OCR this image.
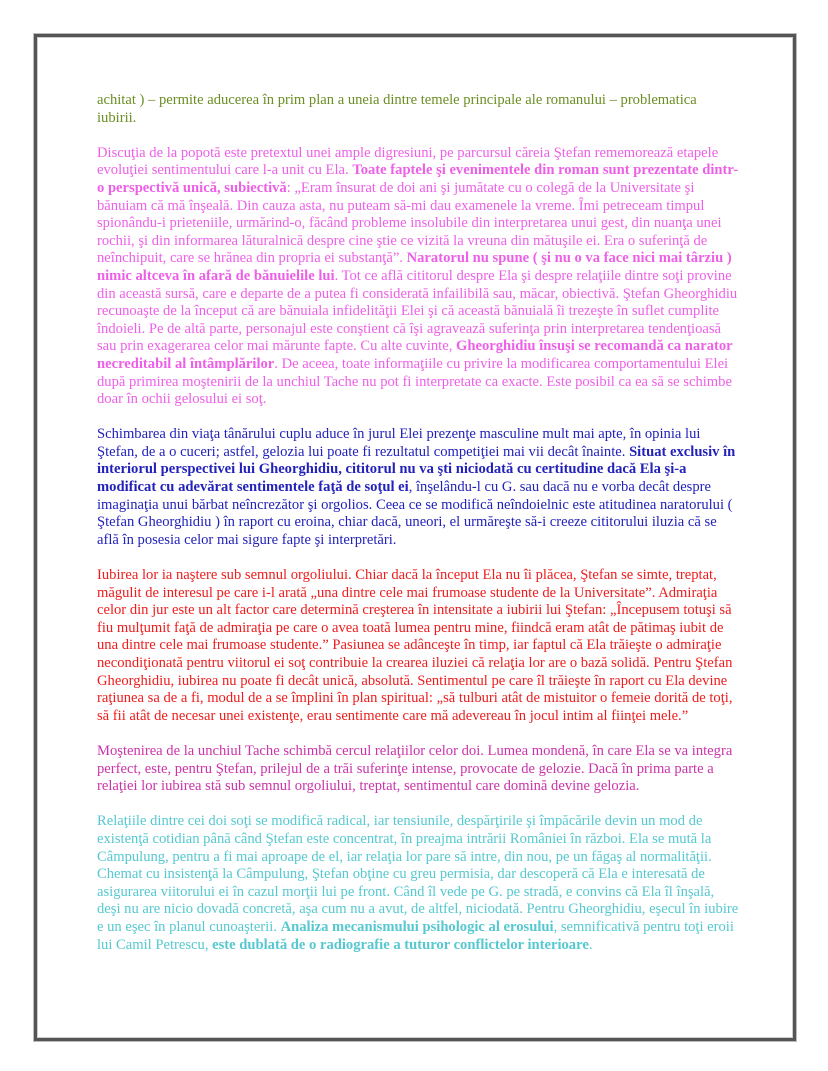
achitat ) – permite aducerea în prim plan a uneia dintre temele principale ale romanului – problematica iubirii.

Discuţia de la popotă este pretextul unei ample digresiuni, pe parcursul căreia Ştefan rememorează etapele evoluţiei sentimentului care l-a unit cu Ela. Toate faptele şi evenimentele din roman sunt prezentate dintr-o perspectivă unică, subiectivă: „Eram însurat de doi ani şi jumătate cu o colegă de la Universitate şi bănuiam că mă înşeală. Din cauza asta, nu puteam să-mi dau examenele la vreme. Îmi petreceam timpul spionându-i prieteniile, urmărind-o, făcând probleme insolubile din interpretarea unui gest, din nuanţa unei rochii, şi din informarea lăturalnică despre cine ştie ce vizită la vreuna din mătuşile ei. Era o suferinţă de neînchipuit, care se hrănea din propria ei substanţă”. Naratorul nu spune ( şi nu o va face nici mai târziu ) nimic altceva în afară de bănuielile lui. Tot ce află cititorul despre Ela şi despre relaţiile dintre soţi provine din această sursă, care e departe de a putea fi considerată infailibilă sau, măcar, obiectivă. Ştefan Gheorghidiu recunoaşte de la început că are bănuiala infidelităţii Elei şi că această bănuială îi trezeşte în suflet cumplite îndoieli. Pe de altă parte, personajul este conştient că îşi agravează suferinţa prin interpretarea tendenţioasă sau prin exagerarea celor mai mărunte fapte. Cu alte cuvinte, Gheorghidiu însuşi se recomandă ca narator necreditabil al întâmplărilor. De aceea, toate informaţiile cu privire la modificarea comportamentului Elei după primirea moştenirii de la unchiul Tache nu pot fi interpretate ca exacte. Este posibil ca ea să se schimbe doar în ochii gelosului ei soţ.

Schimbarea din viaţa tânărului cuplu aduce în jurul Elei prezenţe masculine mult mai apte, în opinia lui Ştefan, de a o cuceri; astfel, gelozia lui poate fi rezultatul competiţiei mai vii decât înainte. Situat exclusiv în interiorul perspectivei lui Gheorghidiu, cititorul nu va şti niciodată cu certitudine dacă Ela şi-a modificat cu adevărat sentimentele faţă de soţul ei, înşelându-l cu G. sau dacă nu e vorba decât despre imaginaţia unui bărbat neîncrezător şi orgolios. Ceea ce se modifică neîndoielnic este atitudinea naratorului ( Ştefan Gheorghidiu ) în raport cu eroina, chiar dacă, uneori, el urmăreşte să-i creeze cititorului iluzia că se află în posesia celor mai sigure fapte şi interpretări.

Iubirea lor ia naştere sub semnul orgoliului. Chiar dacă la început Ela nu îi plăcea, Ştefan se simte, treptat, măgulit de interesul pe care i-l arată „una dintre cele mai frumoase studente de la Universitate”. Admiraţia celor din jur este un alt factor care determină creşterea în intensitate a iubirii lui Ştefan: „Începusem totuşi să fiu mulţumit faţă de admiraţia pe care o avea toată lumea pentru mine, fiindcă eram atât de pătimaş iubit de una dintre cele mai frumoase studente.” Pasiunea se adânceşte în timp, iar faptul că Ela trăieşte o admiraţie necondiţionată pentru viitorul ei soţ contribuie la crearea iluziei că relaţia lor are o bază solidă. Pentru Ştefan Gheorghidiu, iubirea nu poate fi decât unică, absolută. Sentimentul pe care îl trăieşte în raport cu Ela devine raţiunea sa de a fi, modul de a se împlini în plan spiritual: „să tulburi atât de mistuitor o femeie dorită de toţi, să fii atât de necesar unei existenţe, erau sentimente care mă adevereau în jocul intim al fiinţei mele.”

Moştenirea de la unchiul Tache schimbă cercul relaţiilor celor doi. Lumea mondenă, în care Ela se va integra perfect, este, pentru Ştefan, prilejul de a trăi suferinţe intense, provocate de gelozie. Dacă în prima parte a relaţiei lor iubirea stă sub semnul orgoliului, treptat, sentimentul care domină devine gelozia.

Relaţiile dintre cei doi soţi se modifică radical, iar tensiunile, despărţirile şi împăcările devin un mod de existenţă cotidian până când Ştefan este concentrat, în preajma intrării României în război. Ela se mută la Câmpulung, pentru a fi mai aproape de el, iar relaţia lor pare să intre, din nou, pe un făgaş al normalităţii. Chemat cu insistenţă la Câmpulung, Ştefan obţine cu greu permisia, dar descoperă că Ela e interesată de asigurarea viitorului ei în cazul morţii lui pe front. Când îl vede pe G. pe stradă, e convins că Ela îl înşală, deşi nu are nicio dovadă concretă, aşa cum nu a avut, de altfel, niciodată. Pentru Gheorghidiu, eşecul în iubire e un eşec în planul cunoaşterii. Analiza mecanismului psihologic al erosului, semnificativă pentru toţi eroii lui Camil Petrescu, este dublată de o radiografie a tuturor conflictelor interioare.
